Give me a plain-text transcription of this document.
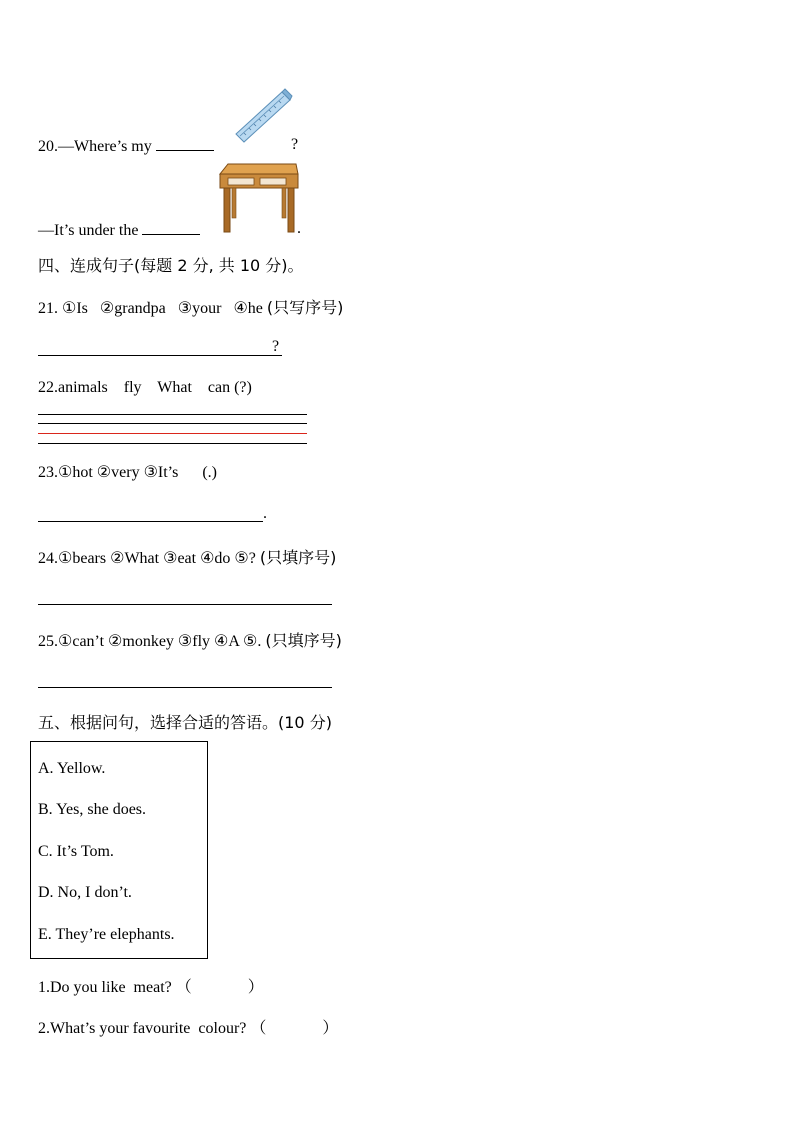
20.—Where’s my	?
—It’s under the	.
四、连成句子(每题 2 分, 共 10 分)。
21. ①Is   ②grandpa   ③your   ④he (只写序号)
?
22.animals    fly    What    can (?)
23.①hot ②very ③It’s      (.)
.
24.①bears ②What ③eat ④do ⑤? (只填序号)
25.①can’t ②monkey ③fly ④A ⑤. (只填序号)
五、根据问句，选择合适的答语。(10 分)
A. Yellow.
B. Yes, she does.
C. It’s Tom.
D. No, I don’t.
E. They’re elephants.
1.Do you like  meat? （           ）
2.What’s your favourite  colour? （           ）
